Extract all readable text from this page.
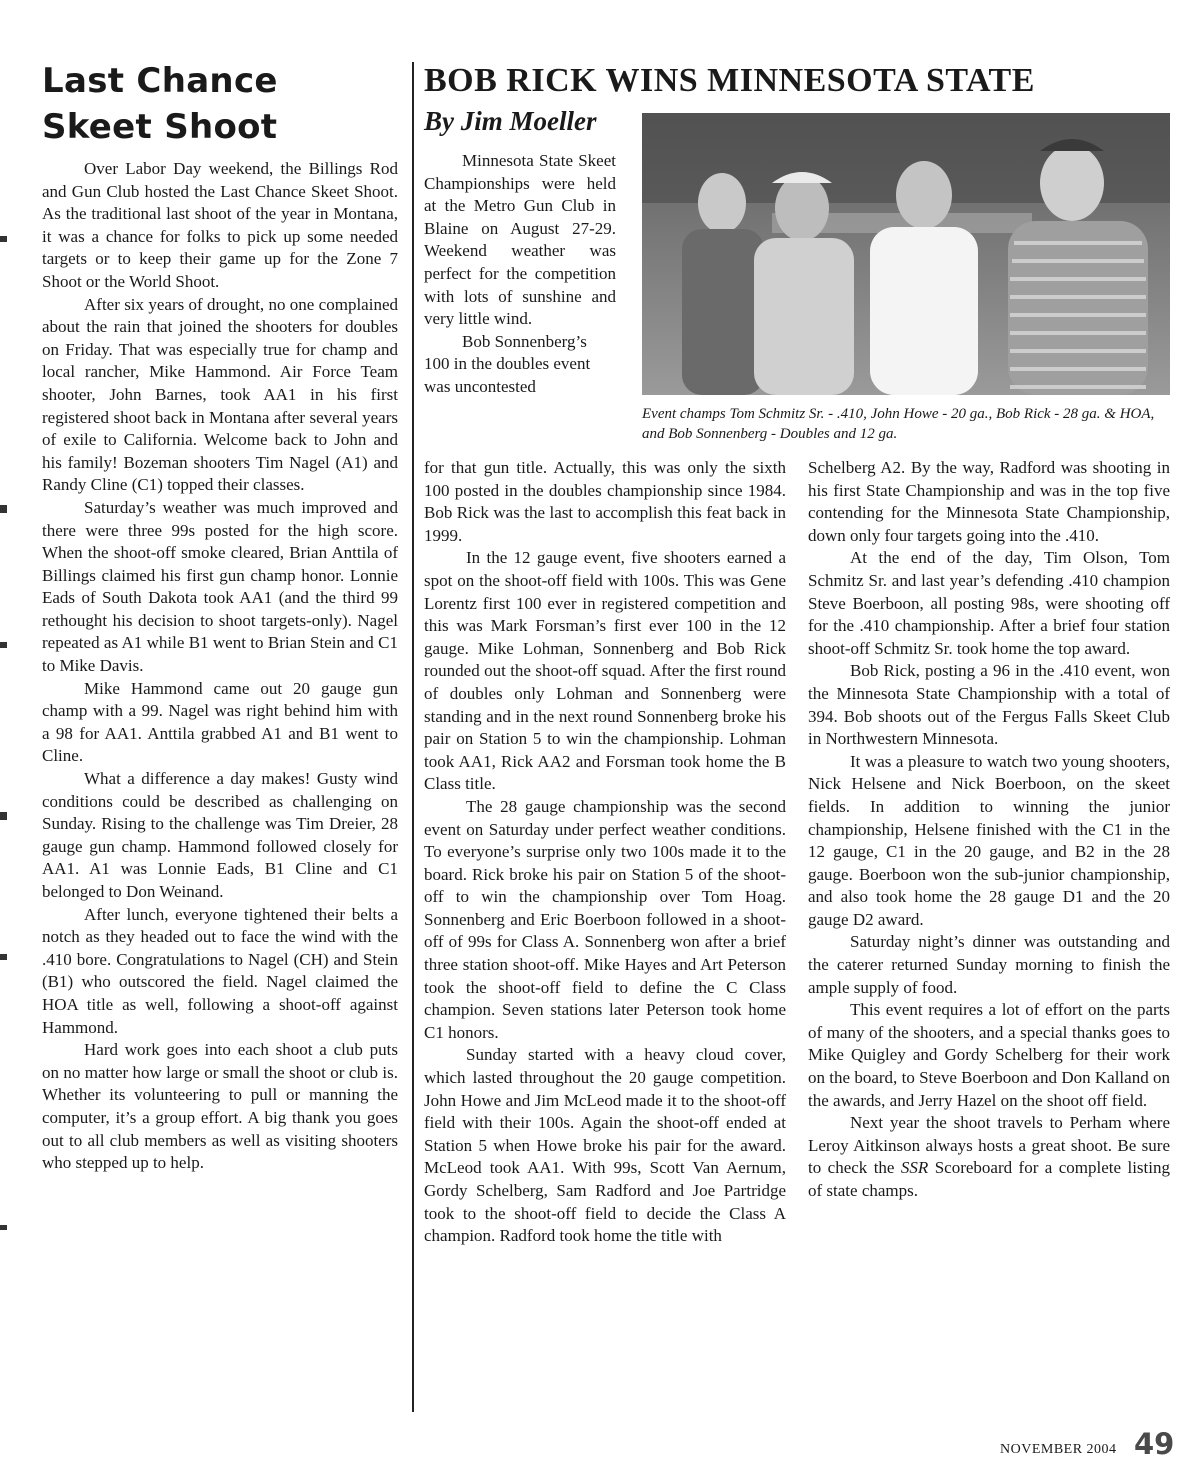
Last Chance Skeet Shoot

Over Labor Day weekend, the Billings Rod and Gun Club hosted the Last Chance Skeet Shoot. As the traditional last shoot of the year in Montana, it was a chance for folks to pick up some needed targets or to keep their game up for the Zone 7 Shoot or the World Shoot.

After six years of drought, no one complained about the rain that joined the shooters for doubles on Friday. That was especially true for champ and local rancher, Mike Hammond. Air Force Team shooter, John Barnes, took AA1 in his first registered shoot back in Montana after several years of exile to California. Welcome back to John and his family! Bozeman shooters Tim Nagel (A1) and Randy Cline (C1) topped their classes.

Saturday’s weather was much improved and there were three 99s posted for the high score. When the shoot-off smoke cleared, Brian Anttila of Billings claimed his first gun champ honor. Lonnie Eads of South Dakota took AA1 (and the third 99 rethought his decision to shoot targets-only). Nagel repeated as A1 while B1 went to Brian Stein and C1 to Mike Davis.

Mike Hammond came out 20 gauge gun champ with a 99. Nagel was right behind him with a 98 for AA1. Anttila grabbed A1 and B1 went to Cline.

What a difference a day makes! Gusty wind conditions could be described as challenging on Sunday. Rising to the challenge was Tim Dreier, 28 gauge gun champ. Hammond followed closely for AA1. A1 was Lonnie Eads, B1 Cline and C1 belonged to Don Weinand.

After lunch, everyone tightened their belts a notch as they headed out to face the wind with the .410 bore. Congratulations to Nagel (CH) and Stein (B1) who outscored the field. Nagel claimed the HOA title as well, following a shoot-off against Hammond.

Hard work goes into each shoot a club puts on no matter how large or small the shoot or club is. Whether its volunteering to pull or manning the computer, it’s a group effort. A big thank you goes out to all club members as well as visiting shooters who stepped up to help.

BOB RICK WINS MINNESOTA STATE

By Jim Moeller

Minnesota State Skeet Championships were held at the Metro Gun Club in Blaine on August 27-29. Weekend weather was perfect for the competition with lots of sunshine and very little wind.

Bob Sonnenberg’s 100 in the doubles event was uncontested

Event champs Tom Schmitz Sr. - .410, John Howe - 20 ga., Bob Rick - 28 ga. & HOA, and Bob Sonnenberg - Doubles and 12 ga.

for that gun title. Actually, this was only the sixth 100 posted in the doubles championship since 1984. Bob Rick was the last to accomplish this feat back in 1999.

In the 12 gauge event, five shooters earned a spot on the shoot-off field with 100s. This was Gene Lorentz first 100 ever in registered competition and this was Mark Forsman’s first ever 100 in the 12 gauge. Mike Lohman, Sonnenberg and Bob Rick rounded out the shoot-off squad. After the first round of doubles only Lohman and Sonnenberg were standing and in the next round Sonnenberg broke his pair on Station 5 to win the championship. Lohman took AA1, Rick AA2 and Forsman took home the B Class title.

The 28 gauge championship was the second event on Saturday under perfect weather conditions. To everyone’s surprise only two 100s made it to the board. Rick broke his pair on Station 5 of the shoot-off to win the championship over Tom Hoag. Sonnenberg and Eric Boerboon followed in a shoot-off of 99s for Class A. Sonnenberg won after a brief three station shoot-off. Mike Hayes and Art Peterson took the shoot-off field to define the C Class champion. Seven stations later Peterson took home C1 honors.

Sunday started with a heavy cloud cover, which lasted throughout the 20 gauge competition. John Howe and Jim McLeod made it to the shoot-off field with their 100s. Again the shoot-off ended at Station 5 when Howe broke his pair for the award. McLeod took AA1. With 99s, Scott Van Aernum, Gordy Schelberg, Sam Radford and Joe Partridge took to the shoot-off field to decide the Class A champion. Radford took home the title with

Schelberg A2. By the way, Radford was shooting in his first State Championship and was in the top five contending for the Minnesota State Championship, down only four targets going into the .410.

At the end of the day, Tim Olson, Tom Schmitz Sr. and last year’s defending .410 champion Steve Boerboon, all posting 98s, were shooting off for the .410 championship. After a brief four station shoot-off Schmitz Sr. took home the top award.

Bob Rick, posting a 96 in the .410 event, won the Minnesota State Championship with a total of 394. Bob shoots out of the Fergus Falls Skeet Club in Northwestern Minnesota.

It was a pleasure to watch two young shooters, Nick Helsene and Nick Boerboon, on the skeet fields. In addition to winning the junior championship, Helsene finished with the C1 in the 12 gauge, C1 in the 20 gauge, and B2 in the 28 gauge. Boerboon won the sub-junior championship, and also took home the 28 gauge D1 and the 20 gauge D2 award.

Saturday night’s dinner was outstanding and the caterer returned Sunday morning to finish the ample supply of food.

This event requires a lot of effort on the parts of many of the shooters, and a special thanks goes to Mike Quigley and Gordy Schelberg for their work on the board, to Steve Boerboon and Don Kalland on the awards, and Jerry Hazel on the shoot off field.

Next year the shoot travels to Perham where Leroy Aitkinson always hosts a great shoot. Be sure to check the SSR Scoreboard for a complete listing of state champs.

NOVEMBER 2004 49
